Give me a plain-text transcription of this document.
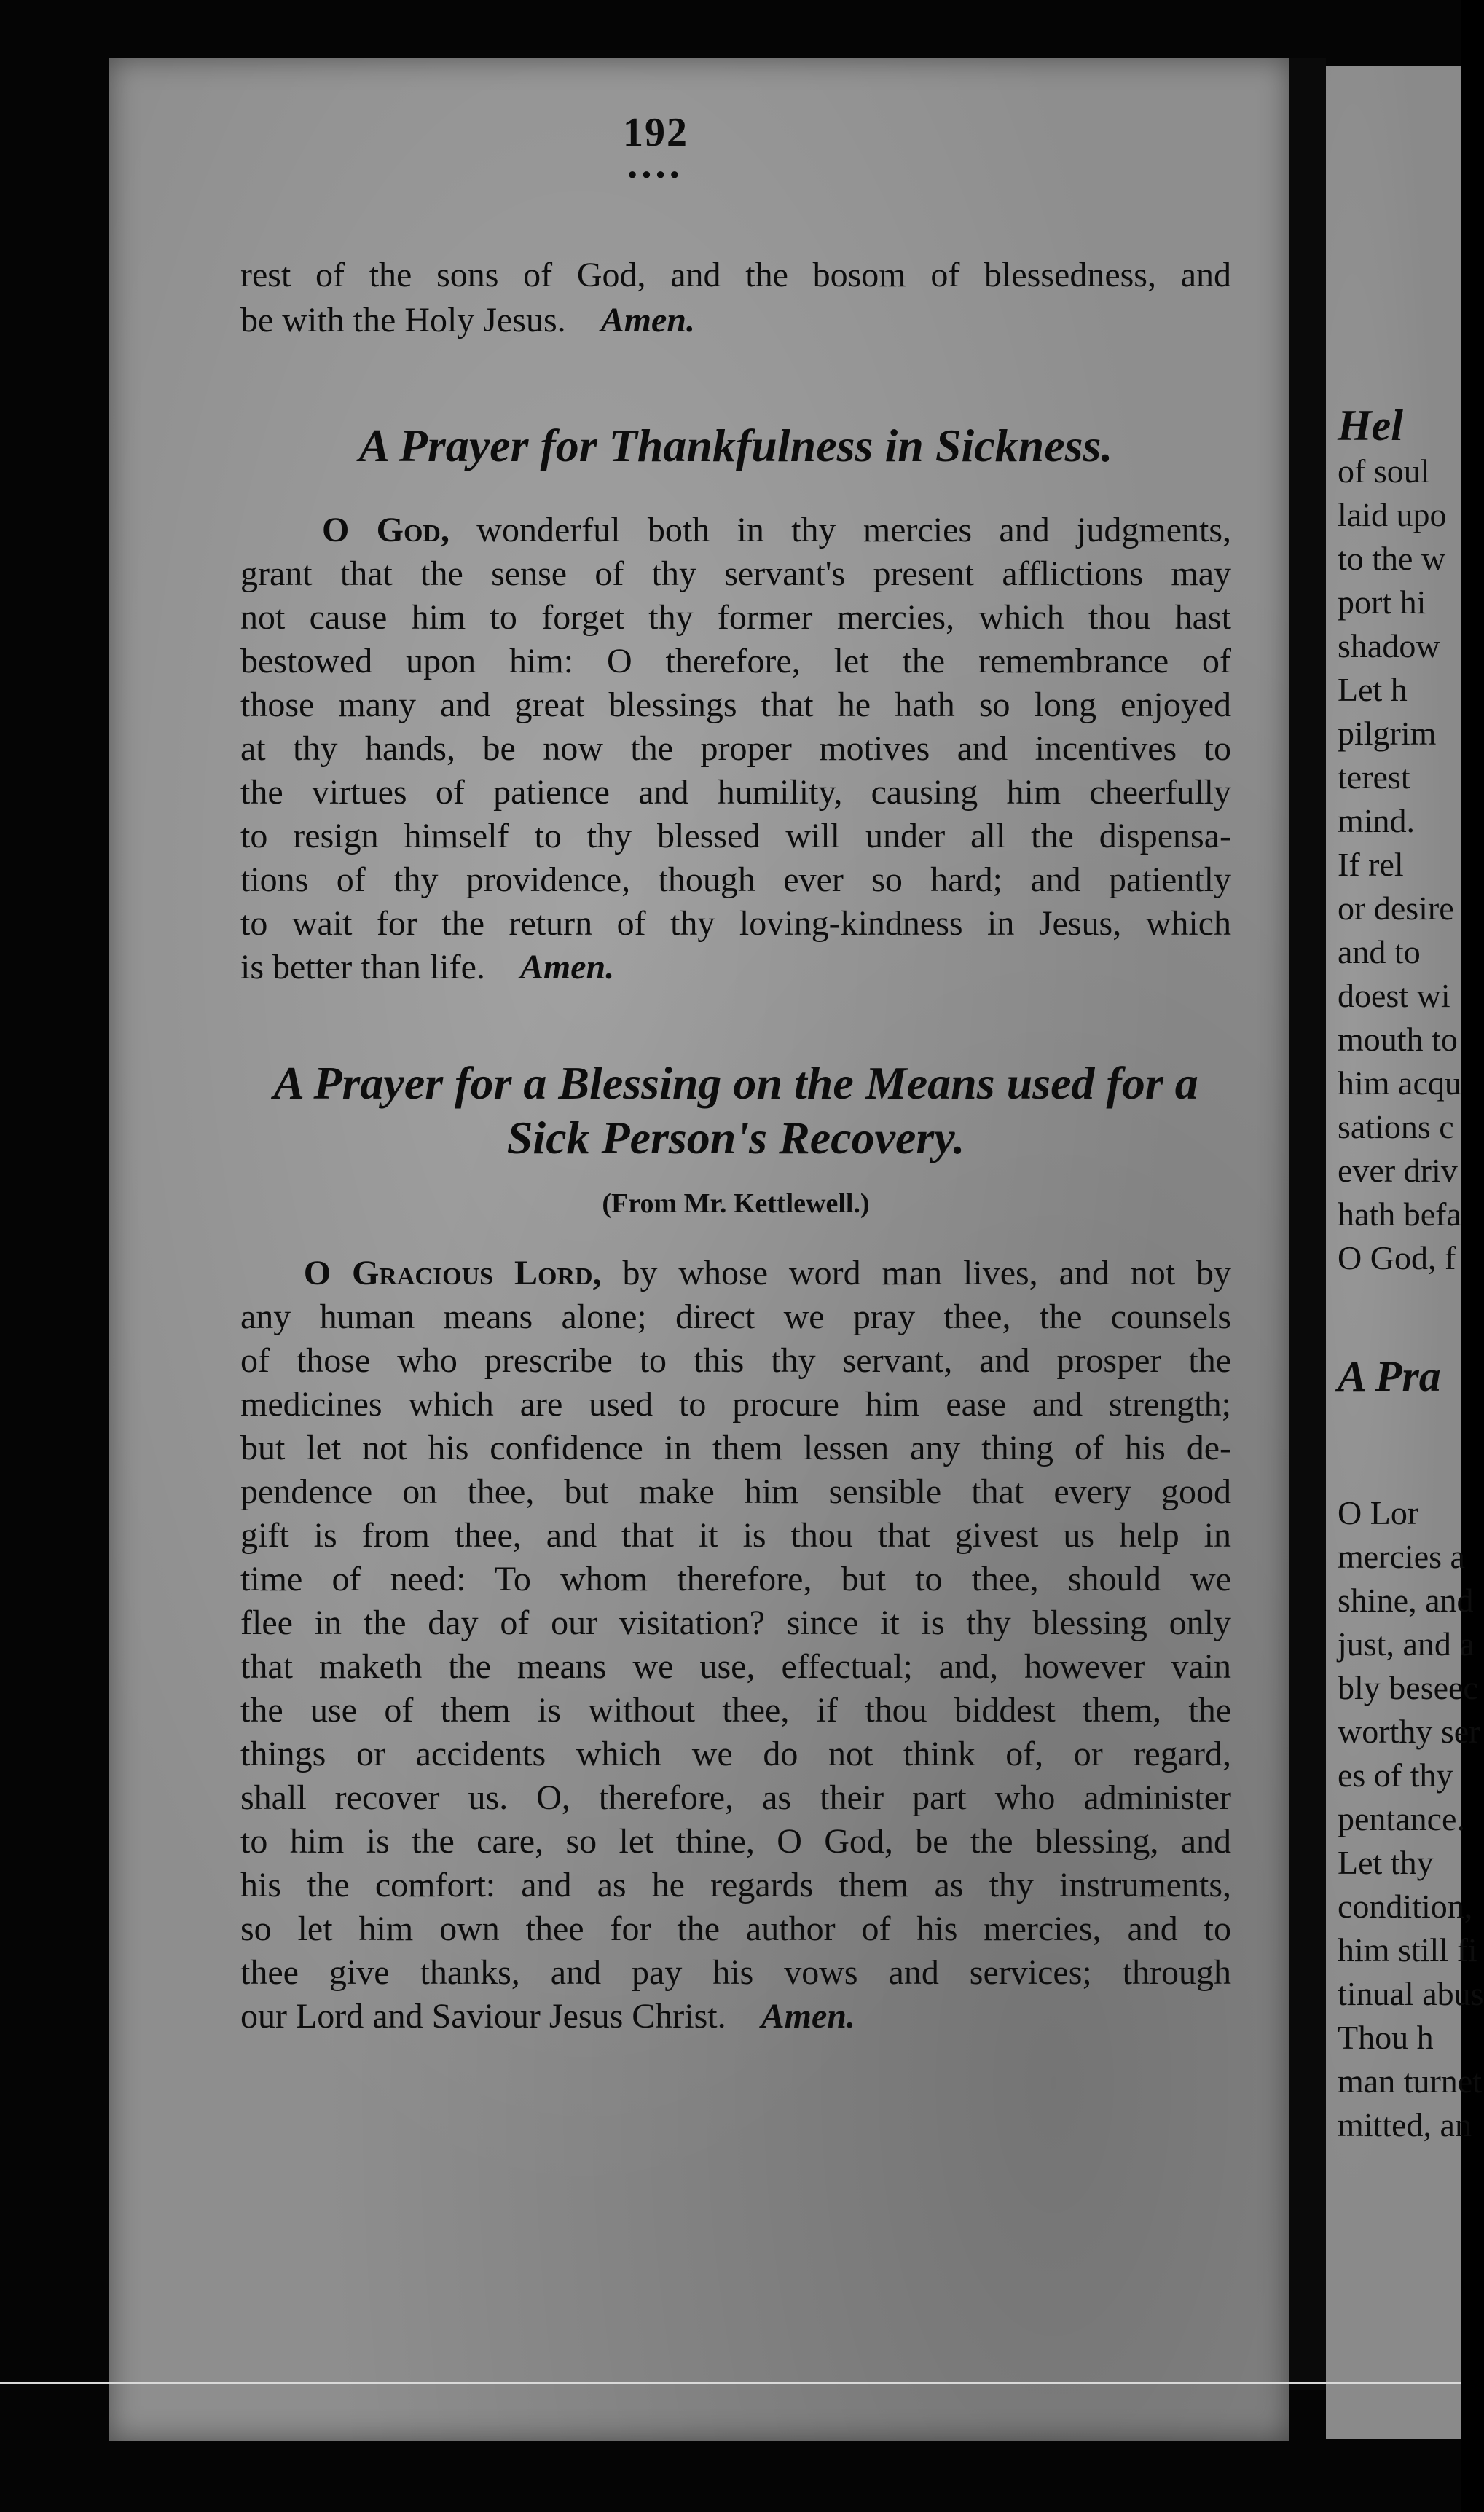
Hel
of soul
laid upo
to the w
port hi
shadow
Let h
pilgrim
terest
mind.
If rel
or desire
and to
doest wi
mouth to
him acqu
sations c
ever driv
hath befa
O God, f
A Pra
O Lor
mercies a
shine, and
just, and a
bly beseec
worthy ser
es of thy
pentance.
Let thy
condition,
him still fi
tinual abus
Thou h
man turnet
mitted, an
192
●●●●
rest of the sons of God, and the bosom of blessedness, and
be with the Holy Jesus. Amen.
A Prayer for Thankfulness in Sickness.
O God, wonderful both in thy mercies and judgments,
grant that the sense of thy servant's present afflictions may
not cause him to forget thy former mercies, which thou hast
bestowed upon him: O therefore, let the remembrance of
those many and great blessings that he hath so long enjoyed
at thy hands, be now the proper motives and incentives to
the virtues of patience and humility, causing him cheerfully
to resign himself to thy blessed will under all the dispensa-
tions of thy providence, though ever so hard; and patiently
to wait for the return of thy loving-kindness in Jesus, which
is better than life. Amen.
A Prayer for a Blessing on the Means used for a
Sick Person's Recovery.
(From Mr. Kettlewell.)
O Gracious Lord, by whose word man lives, and not by
any human means alone; direct we pray thee, the counsels
of those who prescribe to this thy servant, and prosper the
medicines which are used to procure him ease and strength;
but let not his confidence in them lessen any thing of his de-
pendence on thee, but make him sensible that every good
gift is from thee, and that it is thou that givest us help in
time of need: To whom therefore, but to thee, should we
flee in the day of our visitation? since it is thy blessing only
that maketh the means we use, effectual; and, however vain
the use of them is without thee, if thou biddest them, the
things or accidents which we do not think of, or regard,
shall recover us. O, therefore, as their part who administer
to him is the care, so let thine, O God, be the blessing, and
his the comfort: and as he regards them as thy instruments,
so let him own thee for the author of his mercies, and to
thee give thanks, and pay his vows and services; through
our Lord and Saviour Jesus Christ. Amen.
